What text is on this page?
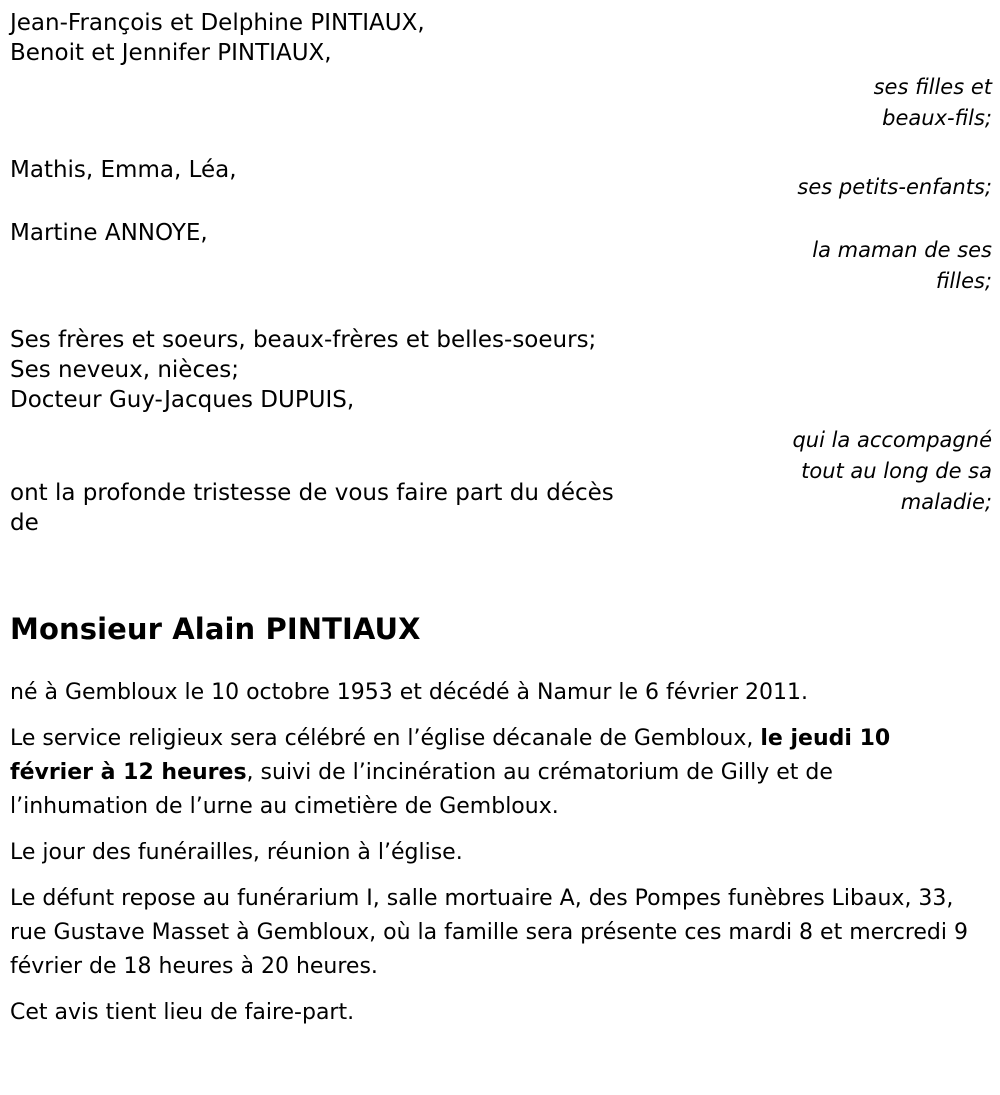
Jean-François et Delphine PINTIAUX,
Benoit et Jennifer PINTIAUX,
Mathis, Emma, Léa,
Martine ANNOYE,
Ses frères et soeurs, beaux-frères et belles-soeurs;
Ses neveux, nièces;
Docteur Guy-Jacques DUPUIS,
ont la profonde tristesse de vous faire part du décès
de
ses filles et
beaux-fils;
ses petits-enfants;
la maman de ses
filles;
qui la accompagné
tout au long de sa
maladie;
Monsieur Alain PINTIAUX

né à Gembloux le 10 octobre 1953 et décédé à Namur le 6 février 2011.

Le service religieux sera célébré en l’église décanale de Gembloux, le jeudi 10 février à 12 heures, suivi de l’incinération au crématorium de Gilly et de l’inhumation de l’urne au cimetière de Gembloux.

Le jour des funérailles, réunion à l’église.

Le défunt repose au funérarium I, salle mortuaire A, des Pompes funèbres Libaux, 33, rue Gustave Masset à Gembloux, où la famille sera présente ces mardi 8 et mercredi 9 février de 18 heures à 20 heures.

Cet avis tient lieu de faire-part.
